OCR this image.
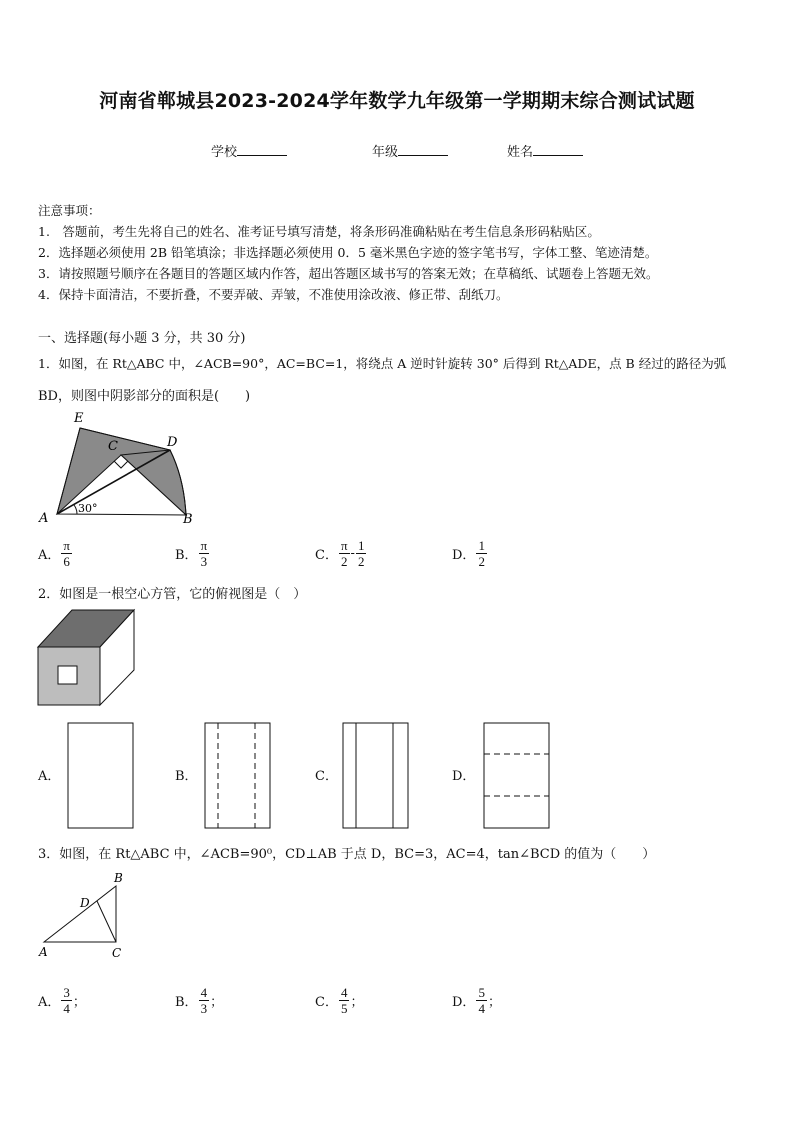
河南省郸城县2023-2024学年数学九年级第一学期期末综合测试试题
学校	年级	姓名
注意事项：
1.　答题前，考生先将自己的姓名、准考证号填写清楚，将条形码准确粘贴在考生信息条形码粘贴区。
2．选择题必须使用 2B 铅笔填涂；非选择题必须使用 0．5 毫米黑色字迹的签字笔书写，字体工整、笔迹清楚。
3．请按照题号顺序在各题目的答题区域内作答，超出答题区域书写的答案无效；在草稿纸、试题卷上答题无效。
4．保持卡面清洁，不要折叠，不要弄破、弄皱，不准使用涂改液、修正带、刮纸刀。
一、选择题(每小题 3 分，共 30 分)
1．如图，在 Rt△ABC 中，∠ACB=90°，AC=BC=1，将绕点 A 逆时针旋转 30° 后得到 Rt△ADE，点 B 经过的路径为弧
BD，则图中阴影部分的面积是(　　)
E
C	D
A	B
30°
A． $\frac{\pi}{6}$	B． $\frac{\pi}{3}$	C． $\frac{\pi}{2} - \frac{1}{2}$	D． $\frac{1}{2}$
2．如图是一根空心方管，它的俯视图是（　）
A．	B．	C．	D．
3．如图，在 Rt△ABC 中，∠ACB=90⁰，CD⊥AB 于点 D，BC=3，AC=4，tan∠BCD 的值为（　　）
B
D
A	C
A． $\frac{3}{4}$ ；	B． $\frac{4}{3}$ ；	C． $\frac{4}{5}$ ；	D． $\frac{5}{4}$ ；
